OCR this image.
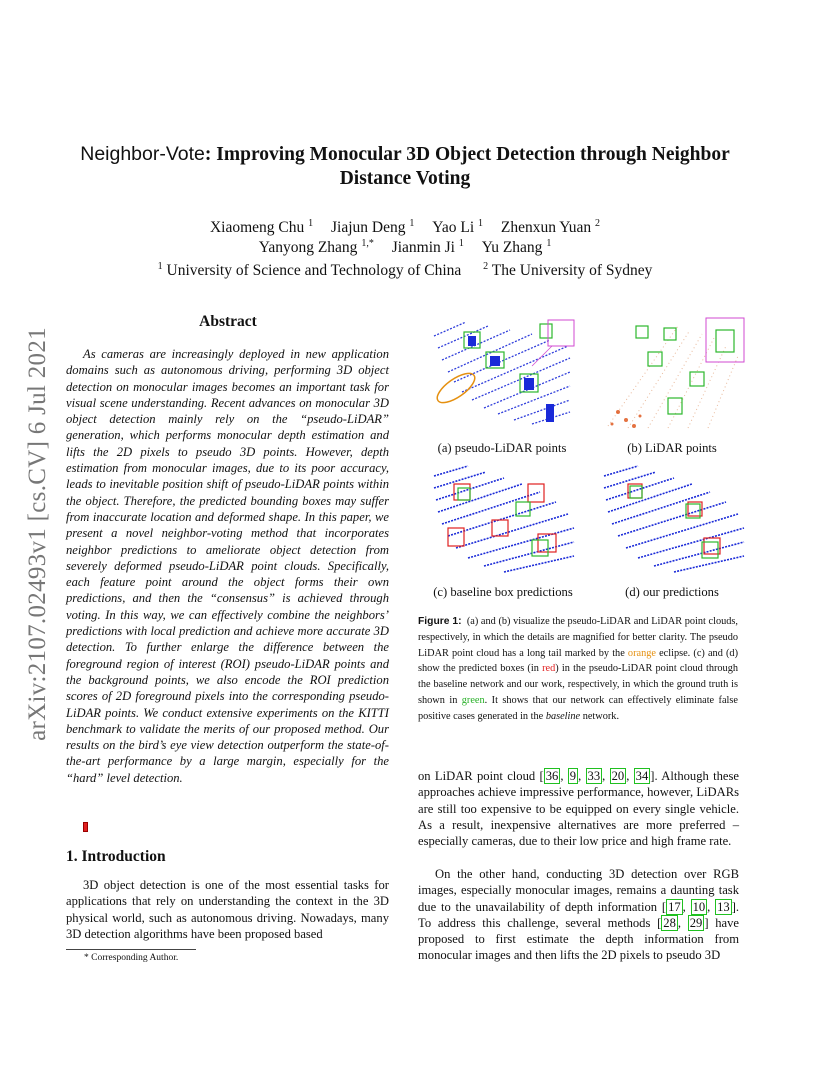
arXiv:2107.02493v1 [cs.CV] 6 Jul 2021
Neighbor-Vote: Improving Monocular 3D Object Detection through Neighbor Distance Voting
Xiaomeng Chu $^1$ Jiajun Deng $^1$ Yao Li $^1$ Zhenxun Yuan $^2$
Yanyong Zhang $^{1,*}$ Jianmin Ji $^1$ Yu Zhang $^1$
$^1$ University of Science and Technology of China $^2$ The University of Sydney
Abstract

As cameras are increasingly deployed in new application domains such as autonomous driving, performing 3D object detection on monocular images becomes an important task for visual scene understanding. Recent advances on monocular 3D object detection mainly rely on the “pseudo-LiDAR” generation, which performs monocular depth estimation and lifts the 2D pixels to pseudo 3D points. However, depth estimation from monocular images, due to its poor accuracy, leads to inevitable position shift of pseudo-LiDAR points within the object. Therefore, the predicted bounding boxes may suffer from inaccurate location and deformed shape. In this paper, we present a novel neighbor-voting method that incorporates neighbor predictions to ameliorate object detection from severely deformed pseudo-LiDAR point clouds. Specifically, each feature point around the object forms their own predictions, and then the “consensus” is achieved through voting. In this way, we can effectively combine the neighbors’ predictions with local prediction and achieve more accurate 3D detection. To further enlarge the difference between the foreground region of interest (ROI) pseudo-LiDAR points and the background points, we also encode the ROI prediction scores of 2D foreground pixels into the corresponding pseudo-LiDAR points. We conduct extensive experiments on the KITTI benchmark to validate the merits of our proposed method. Our results on the bird’s eye view detection outperform the state-of-the-art performance by a large margin, especially for the “hard” level detection.

1. Introduction

3D object detection is one of the most essential tasks for applications that rely on understanding the context in the 3D physical world, such as autonomous driving. Nowadays, many 3D detection algorithms have been proposed based

* Corresponding Author.
(a) pseudo-LiDAR points	(b) LiDAR points
(c) baseline box predictions	(d) our predictions

Figure 1: (a) and (b) visualize the pseudo-LiDAR and LiDAR point clouds, respectively, in which the details are magnified for better clarity. The pseudo LiDAR point cloud has a long tail marked by the orange eclipse. (c) and (d) show the predicted boxes (in red) in the pseudo-LiDAR point cloud through the baseline network and our work, respectively, in which the ground truth is shown in green. It shows that our network can effectively eliminate false positive cases generated in the baseline network.

on LiDAR point cloud [ 36 , 9 , 33 , 20 , 34 ]. Although these approaches achieve impressive performance, however, LiDARs are still too expensive to be equipped on every single vehicle. As a result, inexpensive alternatives are more preferred – especially cameras, due to their low price and high frame rate.

On the other hand, conducting 3D detection over RGB images, especially monocular images, remains a daunting task due to the unavailability of depth information [ 17 , 10 , 13 ]. To address this challenge, several methods [ 28 , 29 ] have proposed to first estimate the depth information from monocular images and then lifts the 2D pixels to pseudo 3D
